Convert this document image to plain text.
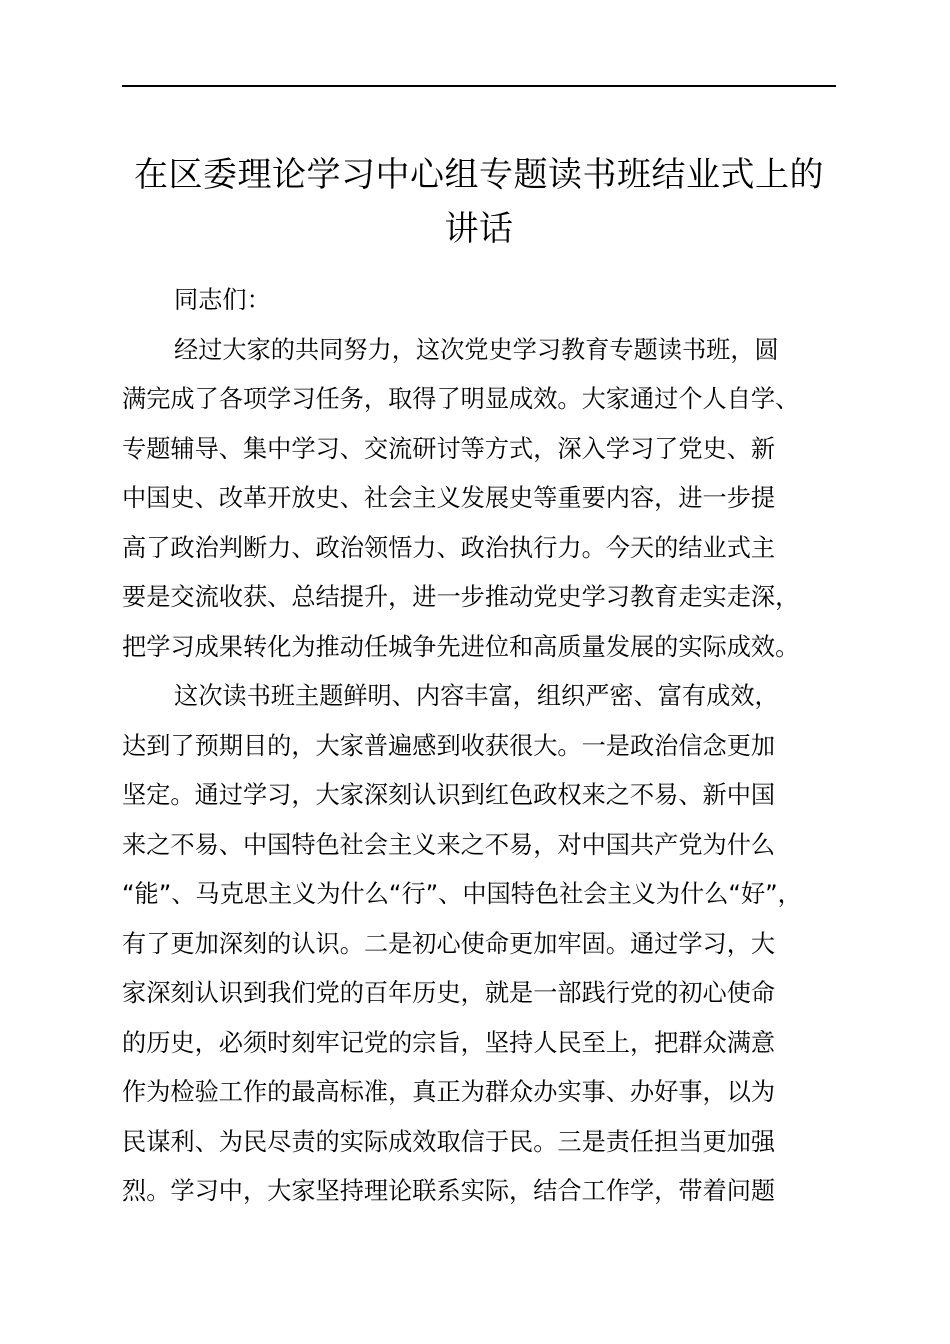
在区委理论学习中心组专题读书班结业式上的
讲话
同志们：
经过大家的共同努力，这次党史学习教育专题读书班，圆
满完成了各项学习任务，取得了明显成效。大家通过个人自学、
专题辅导、集中学习、交流研讨等方式，深入学习了党史、新
中国史、改革开放史、社会主义发展史等重要内容，进一步提
高了政治判断力、政治领悟力、政治执行力。今天的结业式主
要是交流收获、总结提升，进一步推动党史学习教育走实走深，
把学习成果转化为推动任城争先进位和高质量发展的实际成效。
这次读书班主题鲜明、内容丰富，组织严密、富有成效，
达到了预期目的，大家普遍感到收获很大。一是政治信念更加
坚定。通过学习，大家深刻认识到红色政权来之不易、新中国
来之不易、中国特色社会主义来之不易，对中国共产党为什么
“能”、马克思主义为什么“行”、中国特色社会主义为什么“好”，
有了更加深刻的认识。二是初心使命更加牢固。通过学习，大
家深刻认识到我们党的百年历史，就是一部践行党的初心使命
的历史，必须时刻牢记党的宗旨，坚持人民至上，把群众满意
作为检验工作的最高标准，真正为群众办实事、办好事，以为
民谋利、为民尽责的实际成效取信于民。三是责任担当更加强
烈。学习中，大家坚持理论联系实际，结合工作学，带着问题
